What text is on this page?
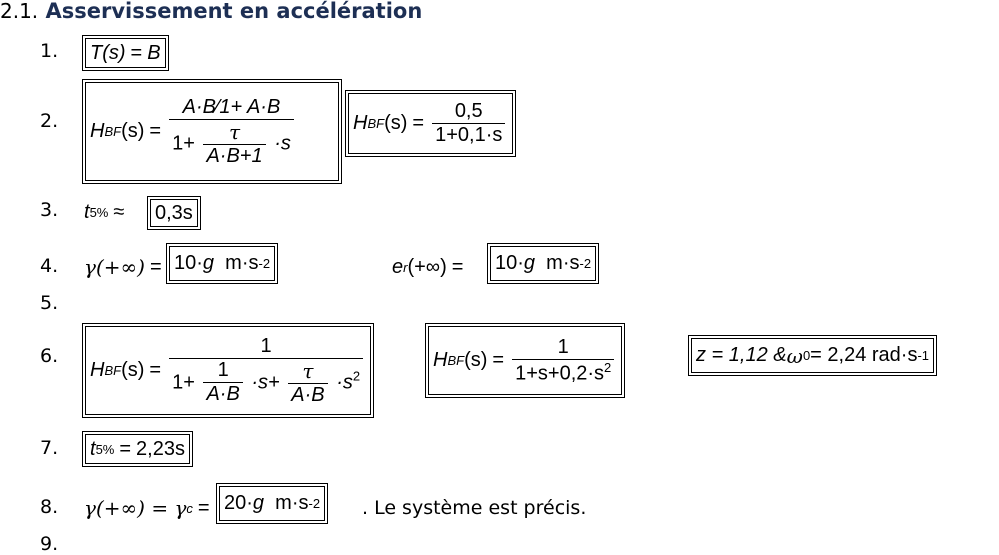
2.1. Asservissement en accélération
1. T(s) = B
2. H BF $(s) = \frac{A\cdot B⁄1+ A\cdot B}{1+ \frac{\tau}{A\cdot B+1} \cdot s}$	H BF $(s) = \frac{0,5}{1+0,1\cdot s}$
3. t 5% ≈ 0,3s
4. γ(+∞) = 10· g
m·s -2	e r (+∞) = 10· g
m·s -2
5.
6.
H BF (s) =
1
$1+ \frac{1}{A\cdot B} \cdot s+ \frac{\tau}{A\cdot B} \cdot s^2$
H BF $(s) = \frac{1}{1+s+0,2\cdot s^2}$	z = 1,12 & ω 0 = 2,24 rad·s -1
7. t 5% = 2,23s
8. γ(+∞) = γ c = 20· g
m·s -2 . Le système est précis.
9.
